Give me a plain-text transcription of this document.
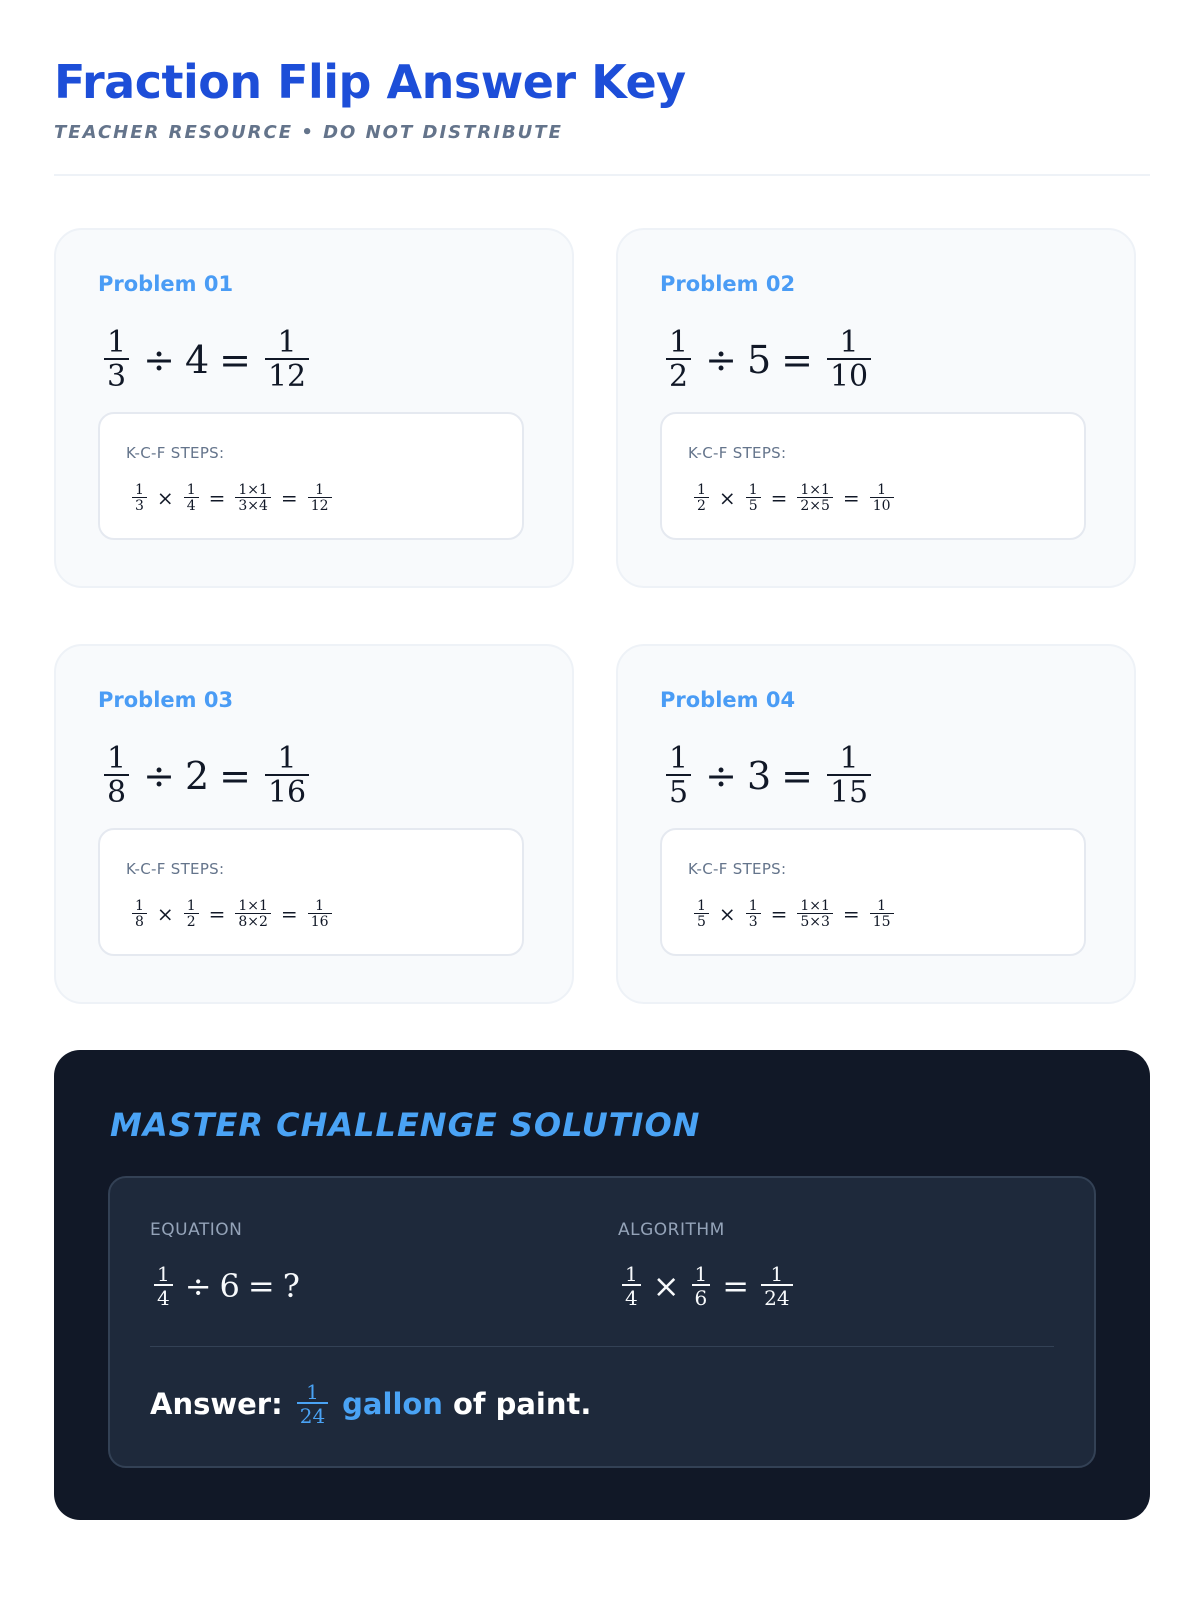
Fraction Flip Answer Key
TEACHER RESOURCE • DO NOT DISTRIBUTE
Problem 01
$\frac{1}{3} \div 4 = \frac{1}{12}$
K-C-F STEPS:
$\frac{1}{3} \times \frac{1}{4} = \frac{1\times 1}{3\times 4} = \frac{1}{12}$
Problem 02
$\frac{1}{2} \div 5 = \frac{1}{10}$
K-C-F STEPS:
$\frac{1}{2} \times \frac{1}{5} = \frac{1\times 1}{2\times 5} = \frac{1}{10}$
Problem 03
$\frac{1}{8} \div 2 = \frac{1}{16}$
K-C-F STEPS:
$\frac{1}{8} \times \frac{1}{2} = \frac{1\times 1}{8\times 2} = \frac{1}{16}$
Problem 04
$\frac{1}{5} \div 3 = \frac{1}{15}$
K-C-F STEPS:
$\frac{1}{5} \times \frac{1}{3} = \frac{1\times 1}{5\times 3} = \frac{1}{15}$
MASTER CHALLENGE SOLUTION
EQUATION
$\frac{1}{4} \div 6$ = ?
ALGORITHM
$\frac{1}{4} \times \frac{1}{6} = \frac{1}{24}$
Answer: $\frac{1}{24}$ gallon of paint.
